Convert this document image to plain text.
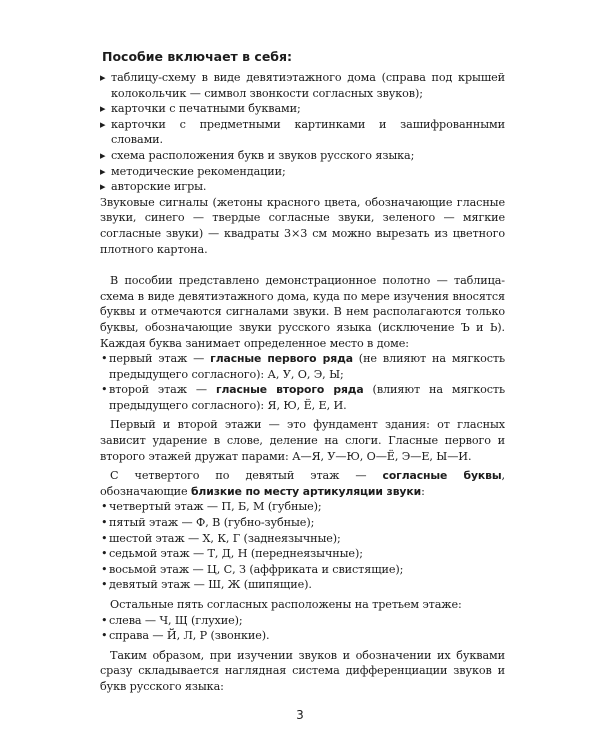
Пособие включает в себя:
▸ таблицу-схему в виде девятиэтажного дома (справа под крышей колокольчик — символ звонкости согласных звуков);
▸ карточки с печатными буквами;
▸ карточки с предметными картинками и зашифрованными словами.
▸ схема расположения букв и звуков русского языка;
▸ методические рекомендации;
▸ авторские игры.

Звуковые сигналы (жетоны красного цвета, обозначающие гласные звуки, синего — твердые согласные звуки, зеленого — мягкие согласные звуки) — квадраты 3×3 см можно вырезать из цветного плотного картона.

В пособии представлено демонстрационное полотно — таблица-схема в виде девятиэтажного дома, куда по мере изучения вносятся буквы и отмечаются сигналами звуки. В нем располагаются только буквы, обозначающие звуки русского языка (исключение Ъ и Ь). Каждая буква занимает определенное место в доме:

• первый этаж — гласные первого ряда (не влияют на мягкость предыдущего согласного): А, У, О, Э, Ы;
• второй этаж — гласные второго ряда (влияют на мягкость предыдущего согласного): Я, Ю, Ё, Е, И.

Первый и второй этажи — это фундамент здания: от гласных зависит ударение в слове, деление на слоги. Гласные первого и второго этажей дружат парами: А—Я, У—Ю, О—Ё, Э—Е, Ы—И.

С четвертого по девятый этаж — согласные буквы, обозначающие близкие по месту артикуляции звуки:

• четвертый этаж — П, Б, М (губные);
• пятый этаж — Ф, В (губно-зубные);
• шестой этаж — Х, К, Г (заднеязычные);
• седьмой этаж — Т, Д, Н (переднеязычные);
• восьмой этаж — Ц, С, З (аффриката и свистящие);
• девятый этаж — Ш, Ж (шипящие).

Остальные пять согласных расположены на третьем этаже:

• слева — Ч, Щ (глухие);
• справа — Й, Л, Р (звонкие).

Таким образом, при изучении звуков и обозначении их буквами сразу складывается наглядная система дифференциации звуков и букв русского языка:

3
